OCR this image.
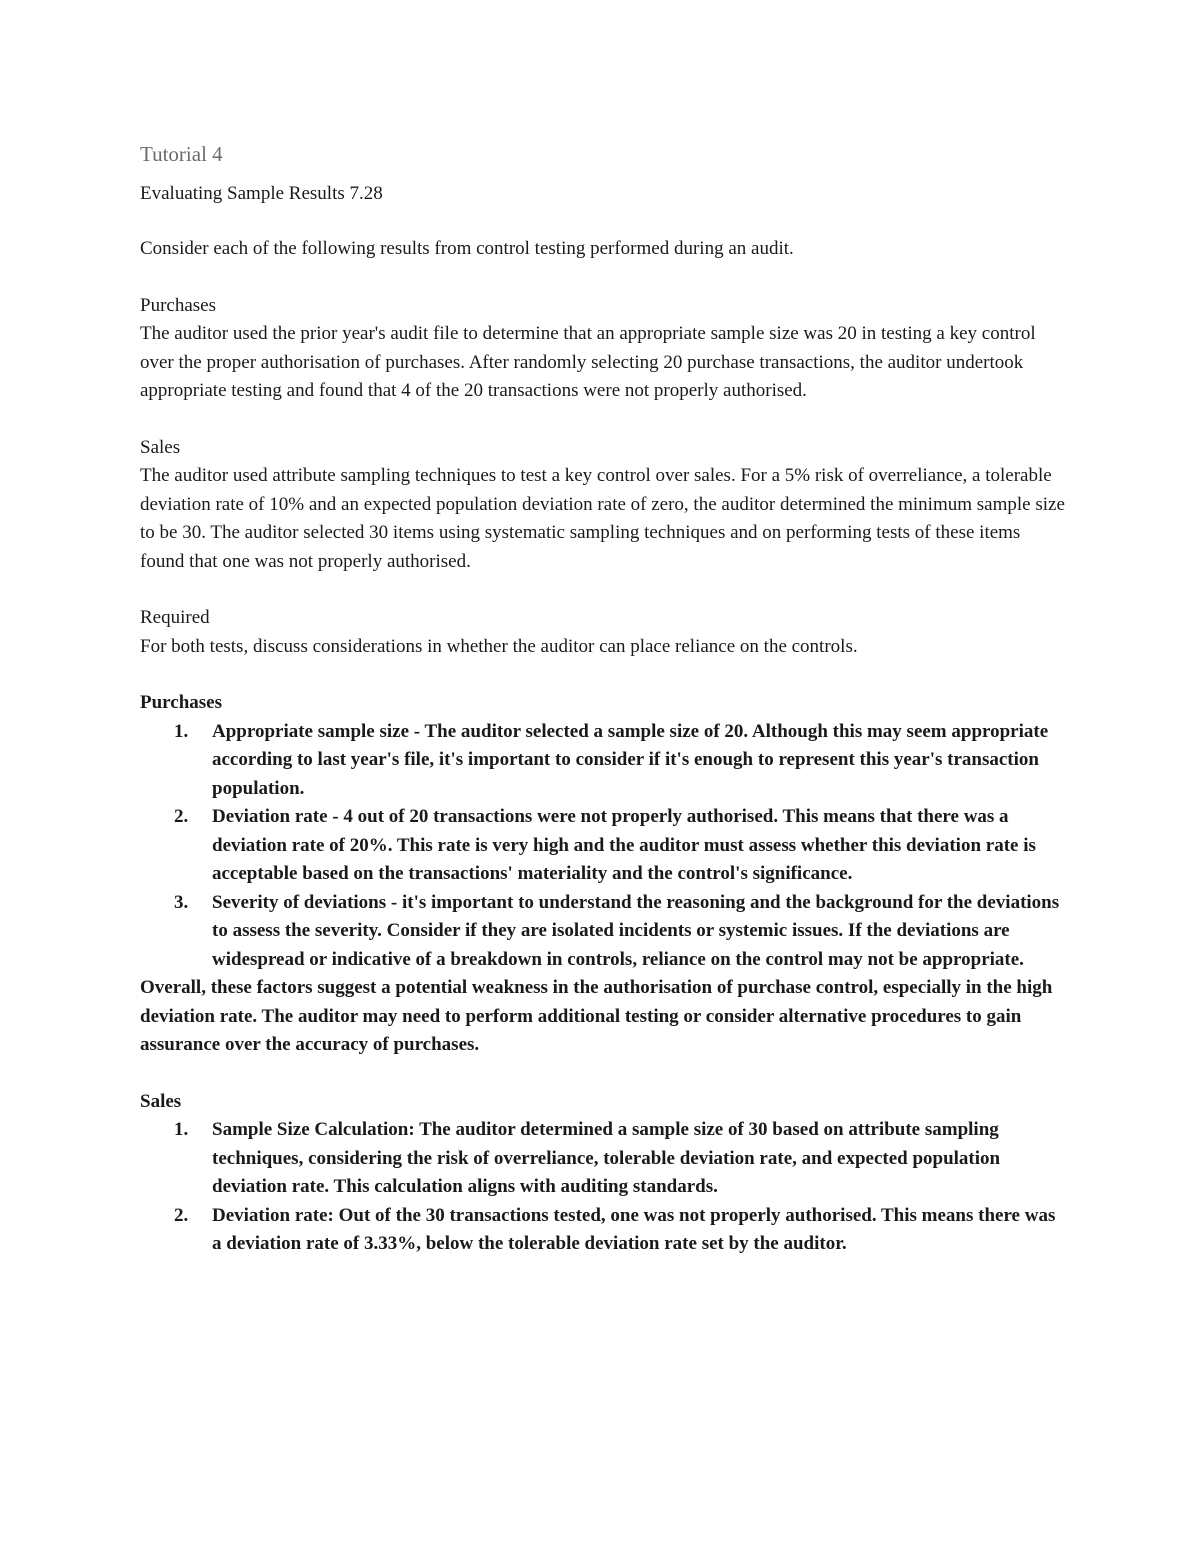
Tutorial 4
Evaluating Sample Results 7.28

Consider each of the following results from control testing performed during an audit.

Purchases

The auditor used the prior year's audit file to determine that an appropriate sample size was 20 in testing a key control over the proper authorisation of purchases. After randomly selecting 20 purchase transactions, the auditor undertook appropriate testing and found that 4 of the 20 transactions were not properly authorised.

Sales

The auditor used attribute sampling techniques to test a key control over sales. For a 5% risk of overreliance, a tolerable deviation rate of 10% and an expected population deviation rate of zero, the auditor determined the minimum sample size to be 30. The auditor selected 30 items using systematic sampling techniques and on performing tests of these items found that one was not properly authorised.

Required

For both tests, discuss considerations in whether the auditor can place reliance on the controls.

Purchases
1.	Appropriate sample size - The auditor selected a sample size of 20. Although this may seem appropriate according to last year's file, it's important to consider if it's enough to represent this year's transaction population.
2.	Deviation rate - 4 out of 20 transactions were not properly authorised. This means that there was a deviation rate of 20%. This rate is very high and the auditor must assess whether this deviation rate is acceptable based on the transactions' materiality and the control's significance.
3.	Severity of deviations - it's important to understand the reasoning and the background for the deviations to assess the severity. Consider if they are isolated incidents or systemic issues. If the deviations are widespread or indicative of a breakdown in controls, reliance on the control may not be appropriate.

Overall, these factors suggest a potential weakness in the authorisation of purchase control, especially in the high deviation rate. The auditor may need to perform additional testing or consider alternative procedures to gain assurance over the accuracy of purchases.

Sales
1.	Sample Size Calculation: The auditor determined a sample size of 30 based on attribute sampling techniques, considering the risk of overreliance, tolerable deviation rate, and expected population deviation rate. This calculation aligns with auditing standards.
2.	Deviation rate: Out of the 30 transactions tested, one was not properly authorised. This means there was a deviation rate of 3.33%, below the tolerable deviation rate set by the auditor.
